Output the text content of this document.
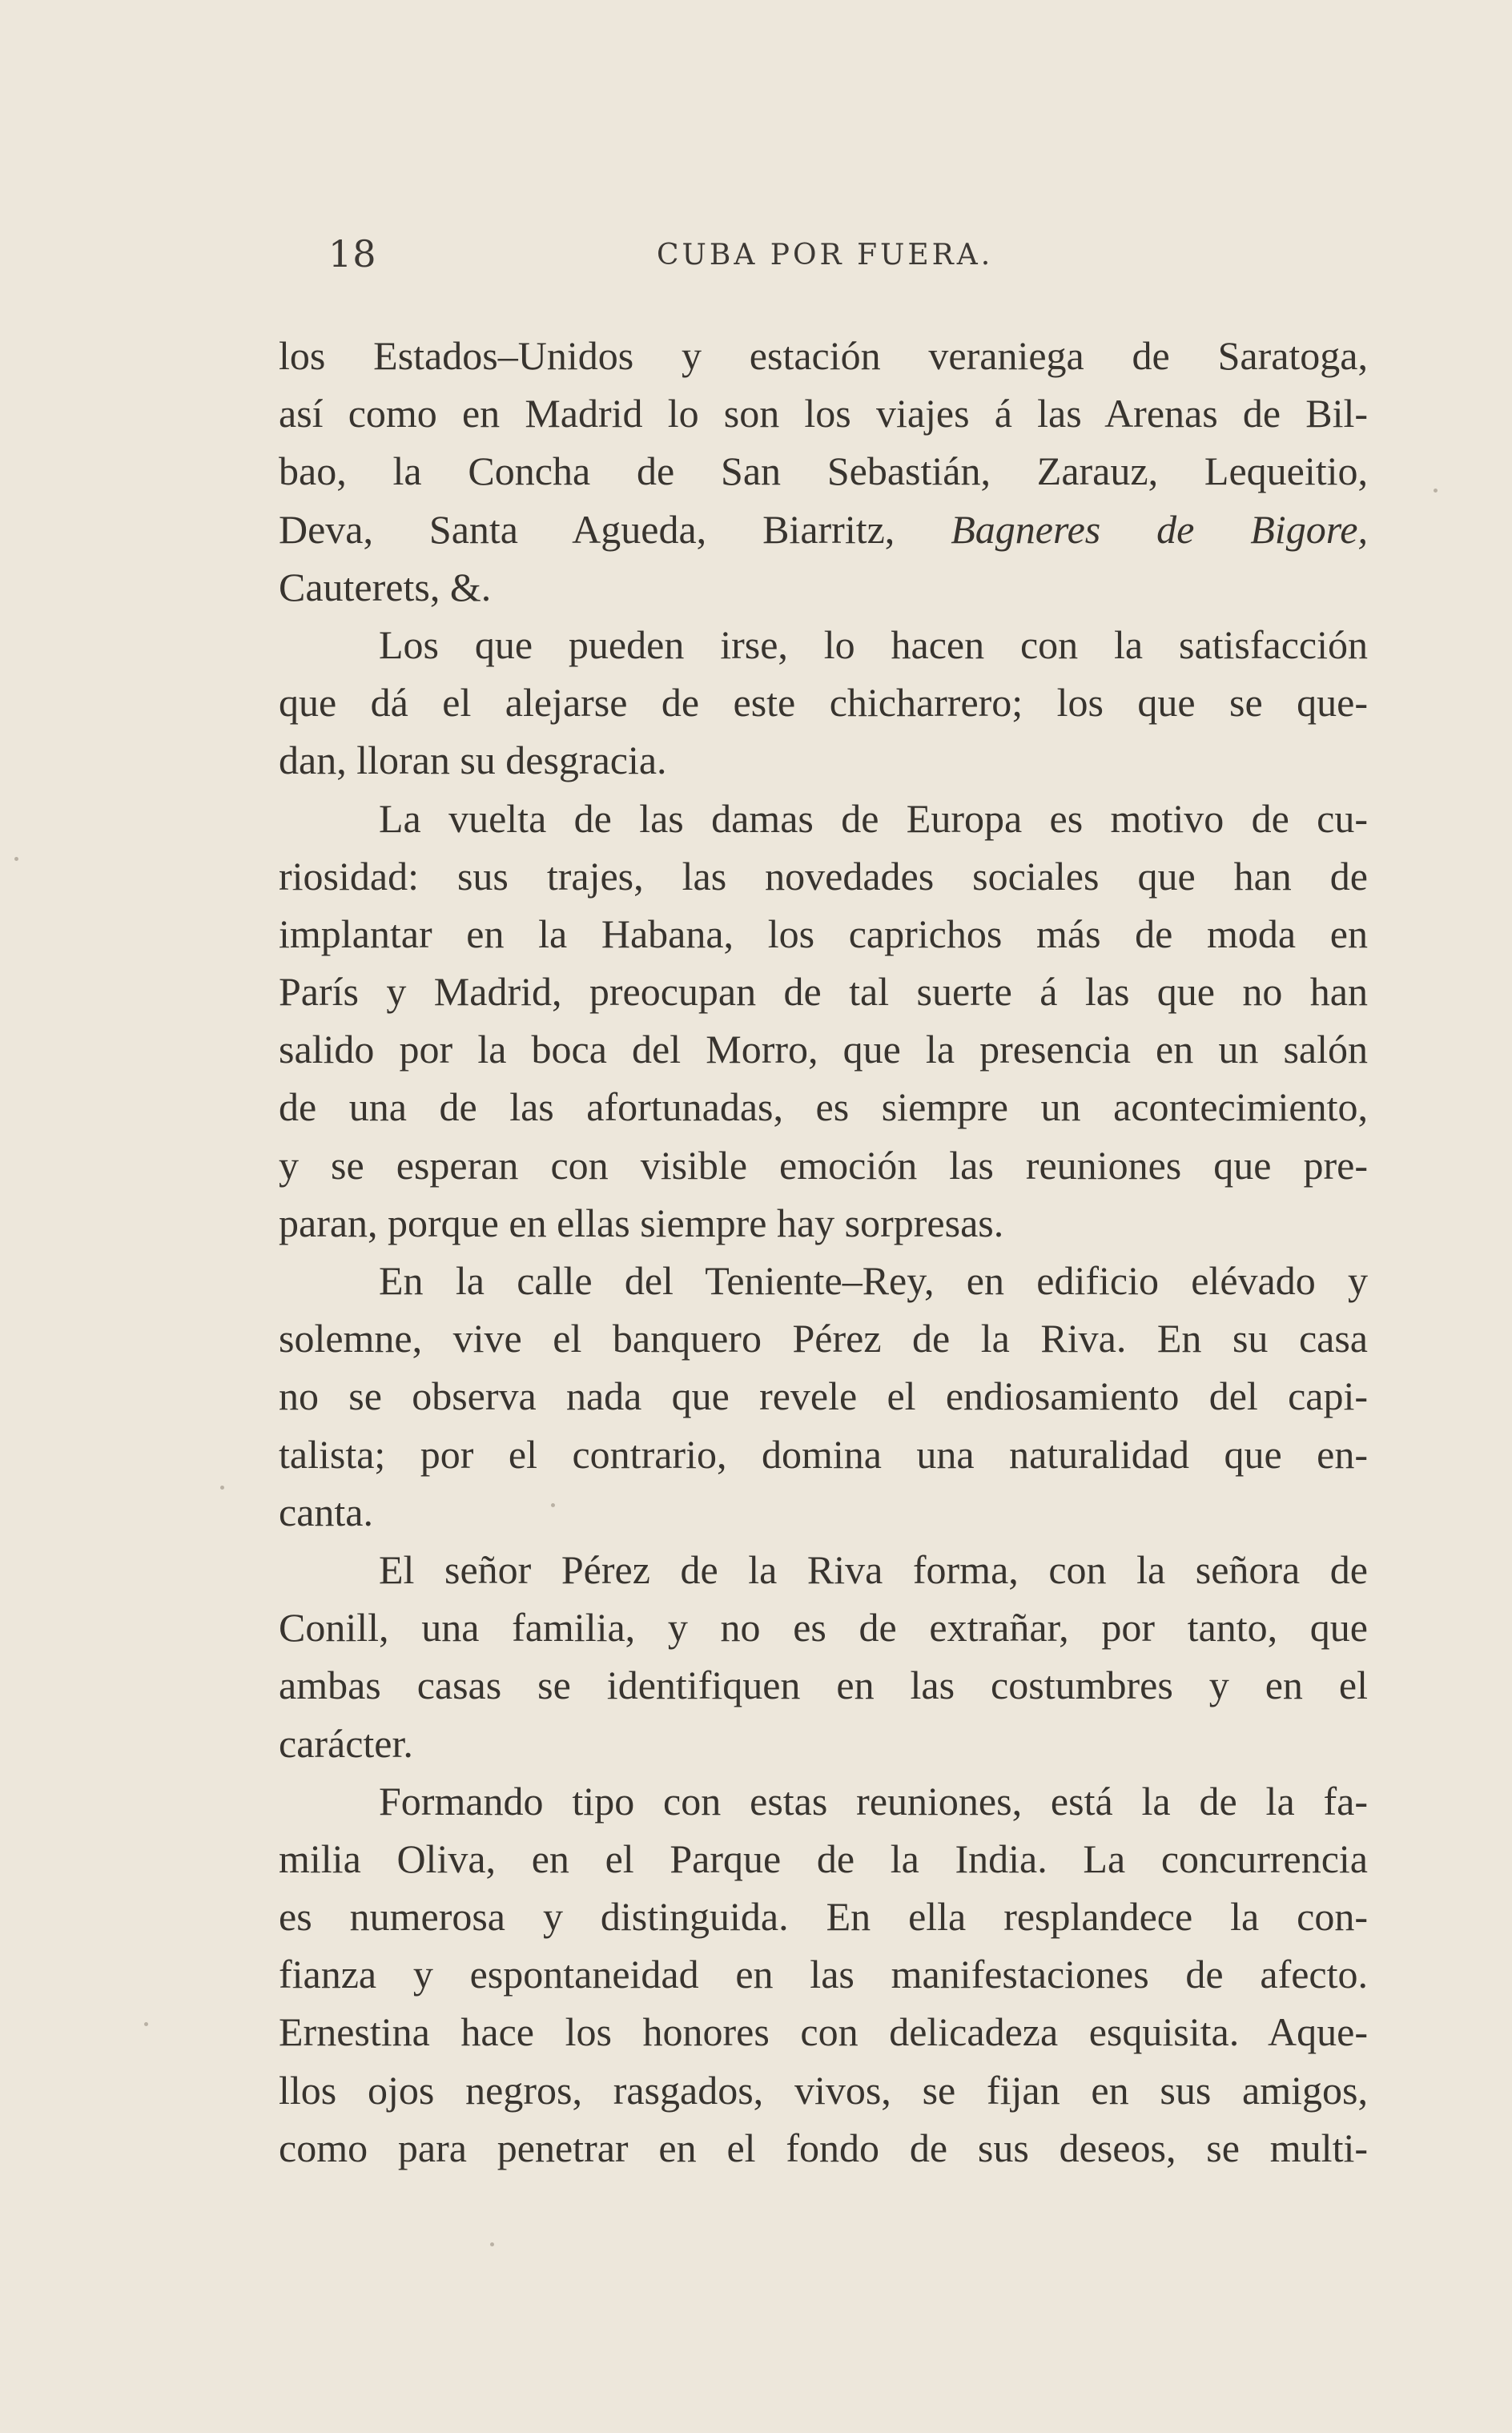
18	CUBA POR FUERA.
los Estados–Unidos y estación veraniega de Saratoga,
así como en Madrid lo son los viajes á las Arenas de Bil-
bao, la Concha de San Sebastián, Zarauz, Lequeitio,
Deva, Santa Agueda, Biarritz, Bagneres de Bigore,
Cauterets, &.
Los que pueden irse, lo hacen con la satisfacción
que dá el alejarse de este chicharrero; los que se que-
dan, lloran su desgracia.
La vuelta de las damas de Europa es motivo de cu-
riosidad: sus trajes, las novedades sociales que han de
implantar en la Habana, los caprichos más de moda en
París y Madrid, preocupan de tal suerte á las que no han
salido por la boca del Morro, que la presencia en un salón
de una de las afortunadas, es siempre un acontecimiento,
y se esperan con visible emoción las reuniones que pre-
paran, porque en ellas siempre hay sorpresas.
En la calle del Teniente–Rey, en edificio elévado y
solemne, vive el banquero Pérez de la Riva. En su casa
no se observa nada que revele el endiosamiento del capi-
talista; por el contrario, domina una naturalidad que en-
canta.
El señor Pérez de la Riva forma, con la señora de
Conill, una familia, y no es de extrañar, por tanto, que
ambas casas se identifiquen en las costumbres y en el
carácter.
Formando tipo con estas reuniones, está la de la fa-
milia Oliva, en el Parque de la India. La concurrencia
es numerosa y distinguida. En ella resplandece la con-
fianza y espontaneidad en las manifestaciones de afecto.
Ernestina hace los honores con delicadeza esquisita. Aque-
llos ojos negros, rasgados, vivos, se fijan en sus amigos,
como para penetrar en el fondo de sus deseos, se multi-
